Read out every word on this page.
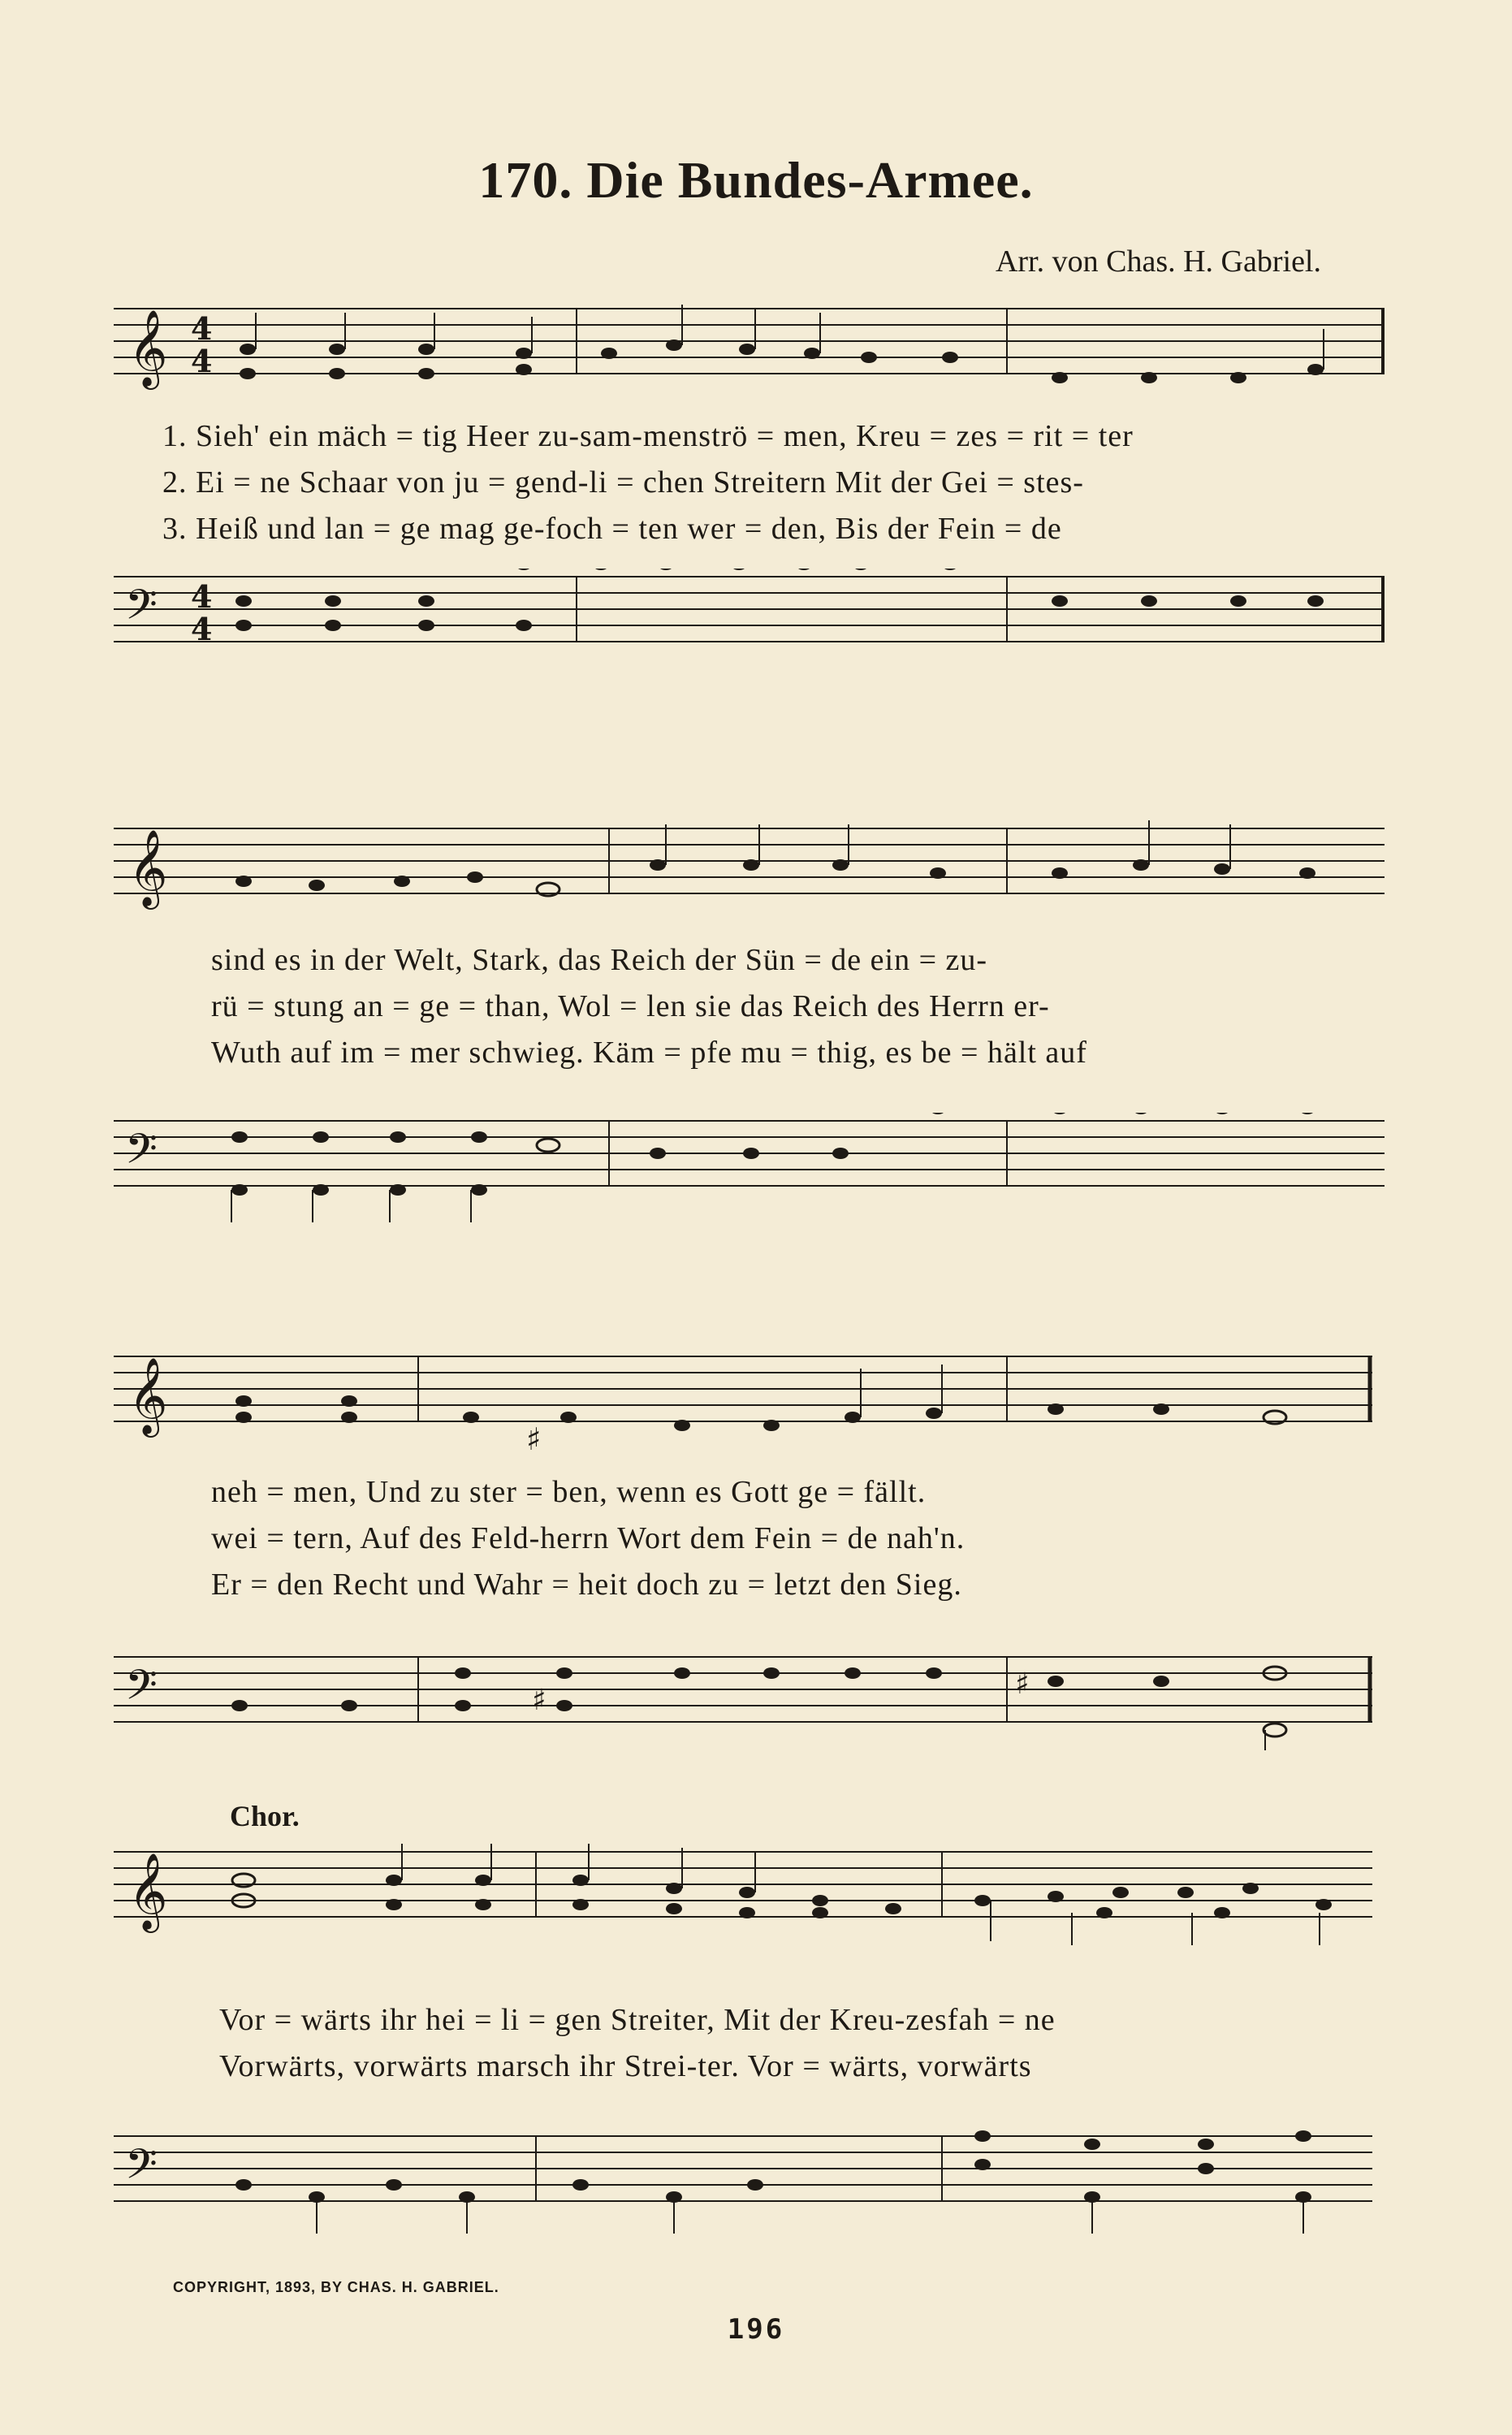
170. Die Bundes-Armee.
Arr. von Chas. H. Gabriel.
𝄞 4
4
1. Sieh' ein mäch = tig Heer zu-sam-menströ = men, Kreu = zes = rit = ter
2. Ei = ne Schaar von ju = gend-li = chen Streitern Mit der Gei = stes-
3. Heiß und lan = ge mag ge-foch = ten wer = den, Bis der Fein = de
𝄢 4
4
𝄞
sind es in der Welt, Stark, das Reich der Sün = de ein = zu-
rü = stung an = ge = than, Wol = len sie das Reich des Herrn er-
Wuth auf im = mer schwieg. Käm = pfe mu = thig, es be = hält auf
𝄢
𝄞
♯
neh = men, Und zu ster = ben, wenn es Gott ge = fällt.
wei = tern, Auf des Feld-herrn Wort dem Fein = de nah'n.
Er = den Recht und Wahr = heit doch zu = letzt den Sieg.
𝄢	♯
♯
Chor.
𝄞
Vor = wärts ihr hei = li = gen Streiter, Mit der Kreu-zesfah = ne
Vorwärts, vorwärts marsch ihr Strei-ter. Vor = wärts, vorwärts
𝄢
COPYRIGHT, 1893, BY CHAS. H. GABRIEL.
196
